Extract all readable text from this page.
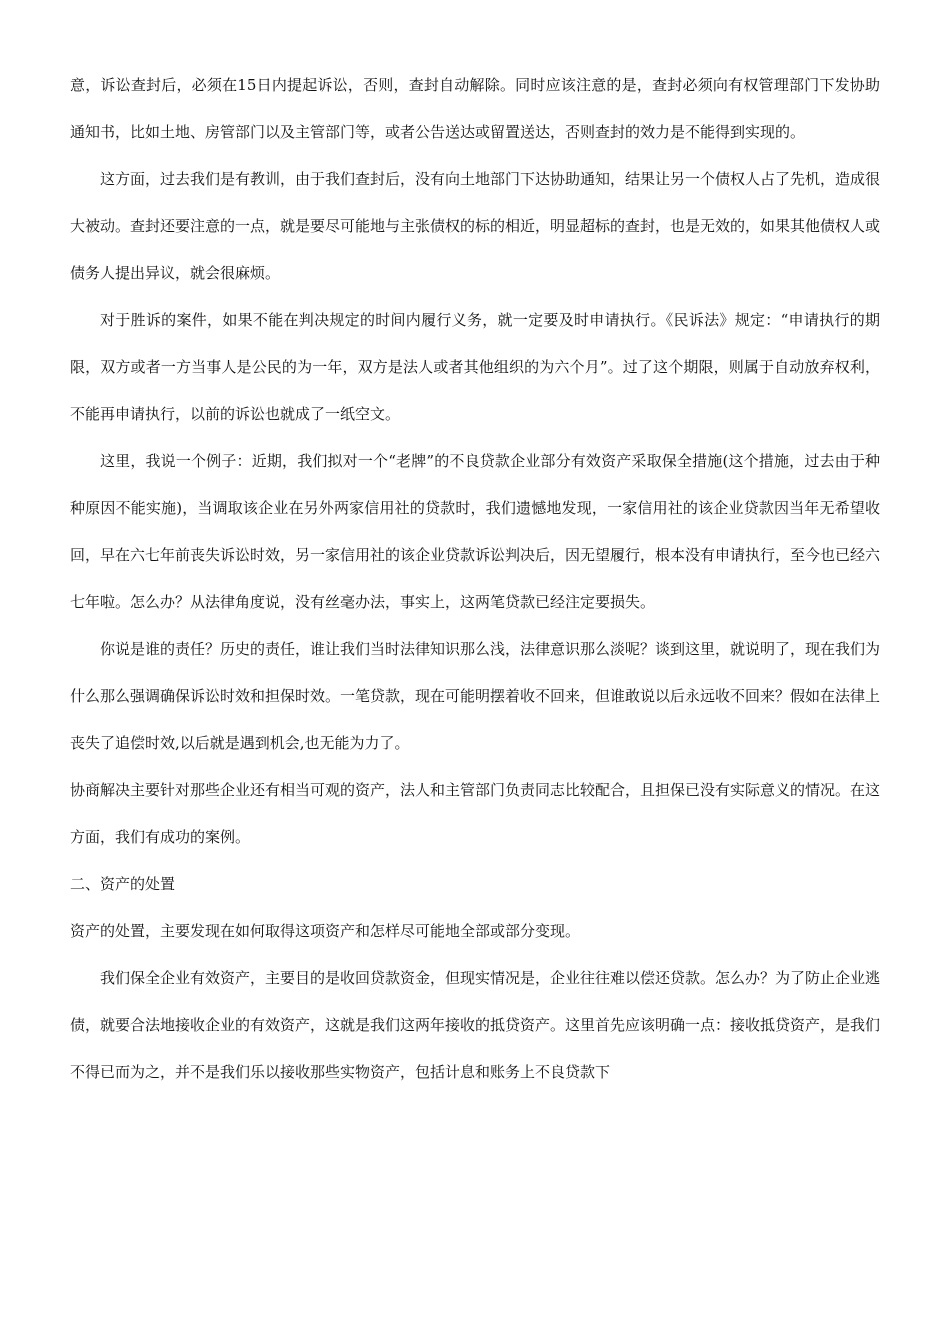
意，诉讼查封后，必须在15日内提起诉讼，否则，查封自动解除。同时应该注意的是，查封必须向有权管理部门下发协助通知书，比如土地、房管部门以及主管部门等，或者公告送达或留置送达，否则查封的效力是不能得到实现的。

这方面，过去我们是有教训，由于我们查封后，没有向土地部门下达协助通知，结果让另一个债权人占了先机，造成很大被动。查封还要注意的一点，就是要尽可能地与主张债权的标的相近，明显超标的查封，也是无效的，如果其他债权人或债务人提出异议，就会很麻烦。

对于胜诉的案件，如果不能在判决规定的时间内履行义务，就一定要及时申请执行。《民诉法》规定：“申请执行的期限，双方或者一方当事人是公民的为一年，双方是法人或者其他组织的为六个月”。过了这个期限，则属于自动放弃权利，不能再申请执行，以前的诉讼也就成了一纸空文。

这里，我说一个例子：近期，我们拟对一个“老牌”的不良贷款企业部分有效资产采取保全措施(这个措施，过去由于种种原因不能实施)，当调取该企业在另外两家信用社的贷款时，我们遗憾地发现，一家信用社的该企业贷款因当年无希望收回，早在六七年前丧失诉讼时效，另一家信用社的该企业贷款诉讼判决后，因无望履行，根本没有申请执行，至今也已经六七年啦。怎么办？从法律角度说，没有丝毫办法，事实上，这两笔贷款已经注定要损失。

你说是谁的责任？历史的责任，谁让我们当时法律知识那么浅，法律意识那么淡呢？谈到这里，就说明了，现在我们为什么那么强调确保诉讼时效和担保时效。一笔贷款，现在可能明摆着收不回来，但谁敢说以后永远收不回来？假如在法律上丧失了追偿时效,以后就是遇到机会,也无能为力了。

协商解决主要针对那些企业还有相当可观的资产，法人和主管部门负责同志比较配合，且担保已没有实际意义的情况。在这方面，我们有成功的案例。

二、资产的处置

资产的处置，主要发现在如何取得这项资产和怎样尽可能地全部或部分变现。

我们保全企业有效资产，主要目的是收回贷款资金，但现实情况是，企业往往难以偿还贷款。怎么办？为了防止企业逃债，就要合法地接收企业的有效资产，这就是我们这两年接收的抵贷资产。这里首先应该明确一点：接收抵贷资产，是我们不得已而为之，并不是我们乐以接收那些实物资产，包括计息和账务上不良贷款下
